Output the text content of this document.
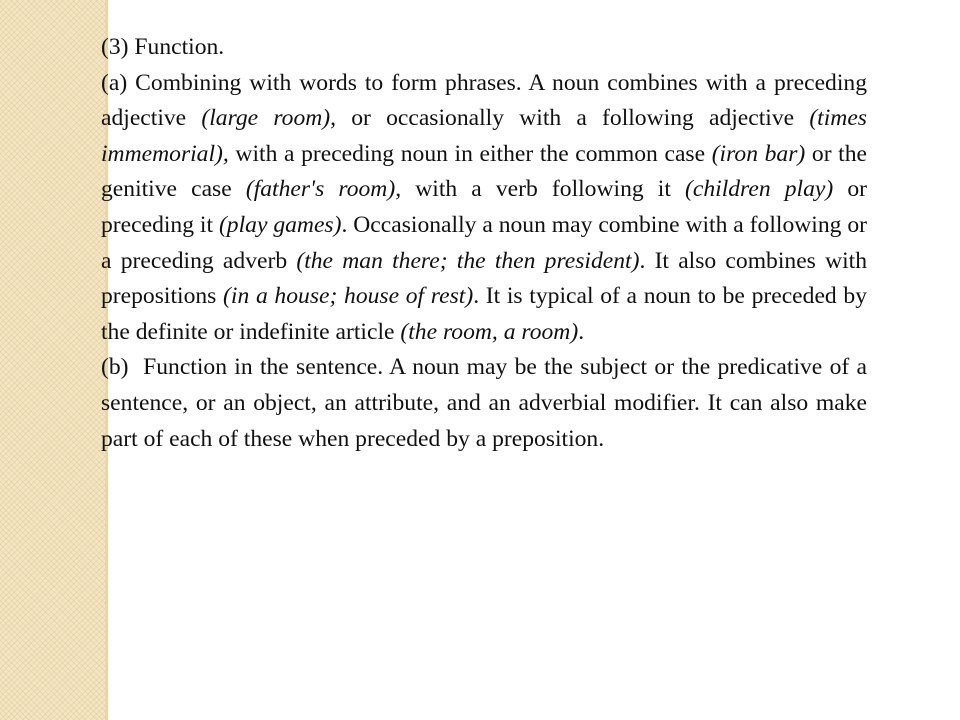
(3) Function.

(a) Combining with words to form phrases. A noun combines with a preceding adjective (large room), or occasionally with a following adjective (times immemorial), with a preceding noun in either the common case (iron bar) or the genitive case (father's room), with a verb following it (children play) or preceding it (play games). Occasionally a noun may combine with a following or a preceding adverb (the man there; the then president). It also combines with prepositions (in a house; house of rest). It is typical of a noun to be preceded by the definite or indefinite article (the room, a room).

(b)  Function in the sentence. A noun may be the subject or the predicative of a sentence, or an object, an attribute, and an adverbial modifier. It can also make part of each of these when preceded by a preposition.
